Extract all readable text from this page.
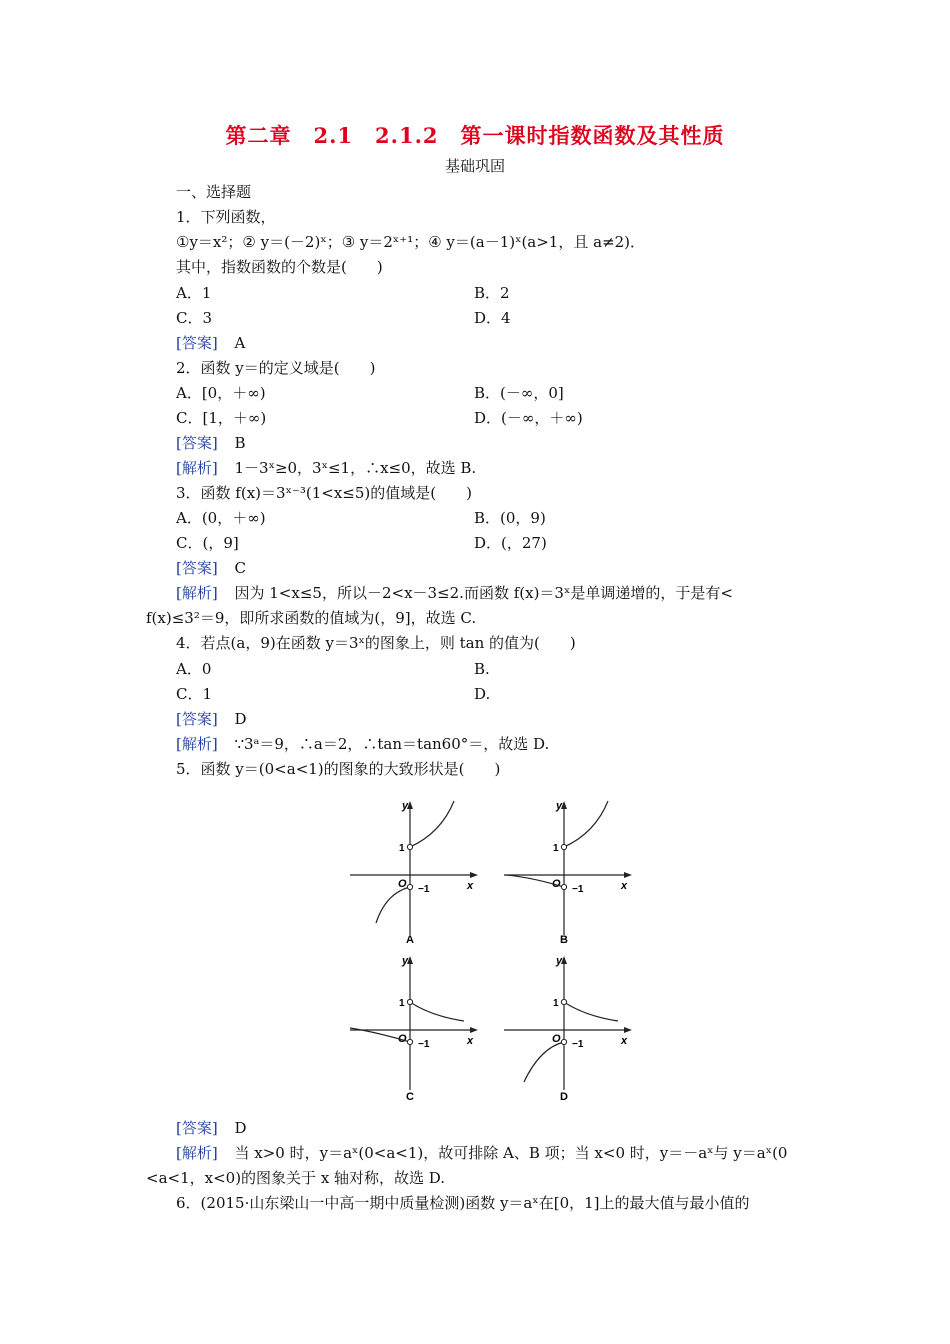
第二章　2.1　2.1.2　第一课时指数函数及其性质
基础巩固
一、选择题
1．下列函数，
①y＝x²；② y＝(－2)ˣ；③ y＝2ˣ⁺¹；④ y＝(a－1)ˣ(a>1，且 a≠2)．
其中，指数函数的个数是(　　)
A．1	B．2
C．3	D．4
[答案] A
2．函数 y＝的定义域是(　　)
A．[0，＋∞)	B．(－∞，0]
C．[1，＋∞)	D．(－∞，＋∞)
[答案] B
[解析] 1－3ˣ≥0，3ˣ≤1，∴x≤0，故选 B.
3．函数 f(x)＝3ˣ⁻³(1<x≤5)的值域是(　　)
A．(0，＋∞)	B．(0，9)
C．(，9]	D．(，27)
[答案] C
[解析] 因为 1<x≤5，所以－2<x－3≤2.而函数 f(x)＝3ˣ是单调递增的，于是有<
f(x)≤3²＝9，即所求函数的值域为(，9]，故选 C.
4．若点(a，9)在函数 y＝3ˣ的图象上，则 tan 的值为(　　)
A．0	B.
C．1	D.
[答案] D
[解析] ∵3ᵃ＝9，∴a＝2，∴tan＝tan60°＝，故选 D.
5．函数 y＝(0<a<1)的图象的大致形状是(　　)
y
x
O
1
−1
A
y
x
O
1
−1
B
y
x
O
1
−1
C
y
x
O
1
−1
D
[答案] D
[解析] 当 x>0 时，y＝aˣ(0<a<1)，故可排除 A、B 项；当 x<0 时，y＝－aˣ与 y＝aˣ(0
<a<1，x<0)的图象关于 x 轴对称，故选 D.
6．(2015·山东梁山一中高一期中质量检测)函数 y＝aˣ在[0，1]上的最大值与最小值的
